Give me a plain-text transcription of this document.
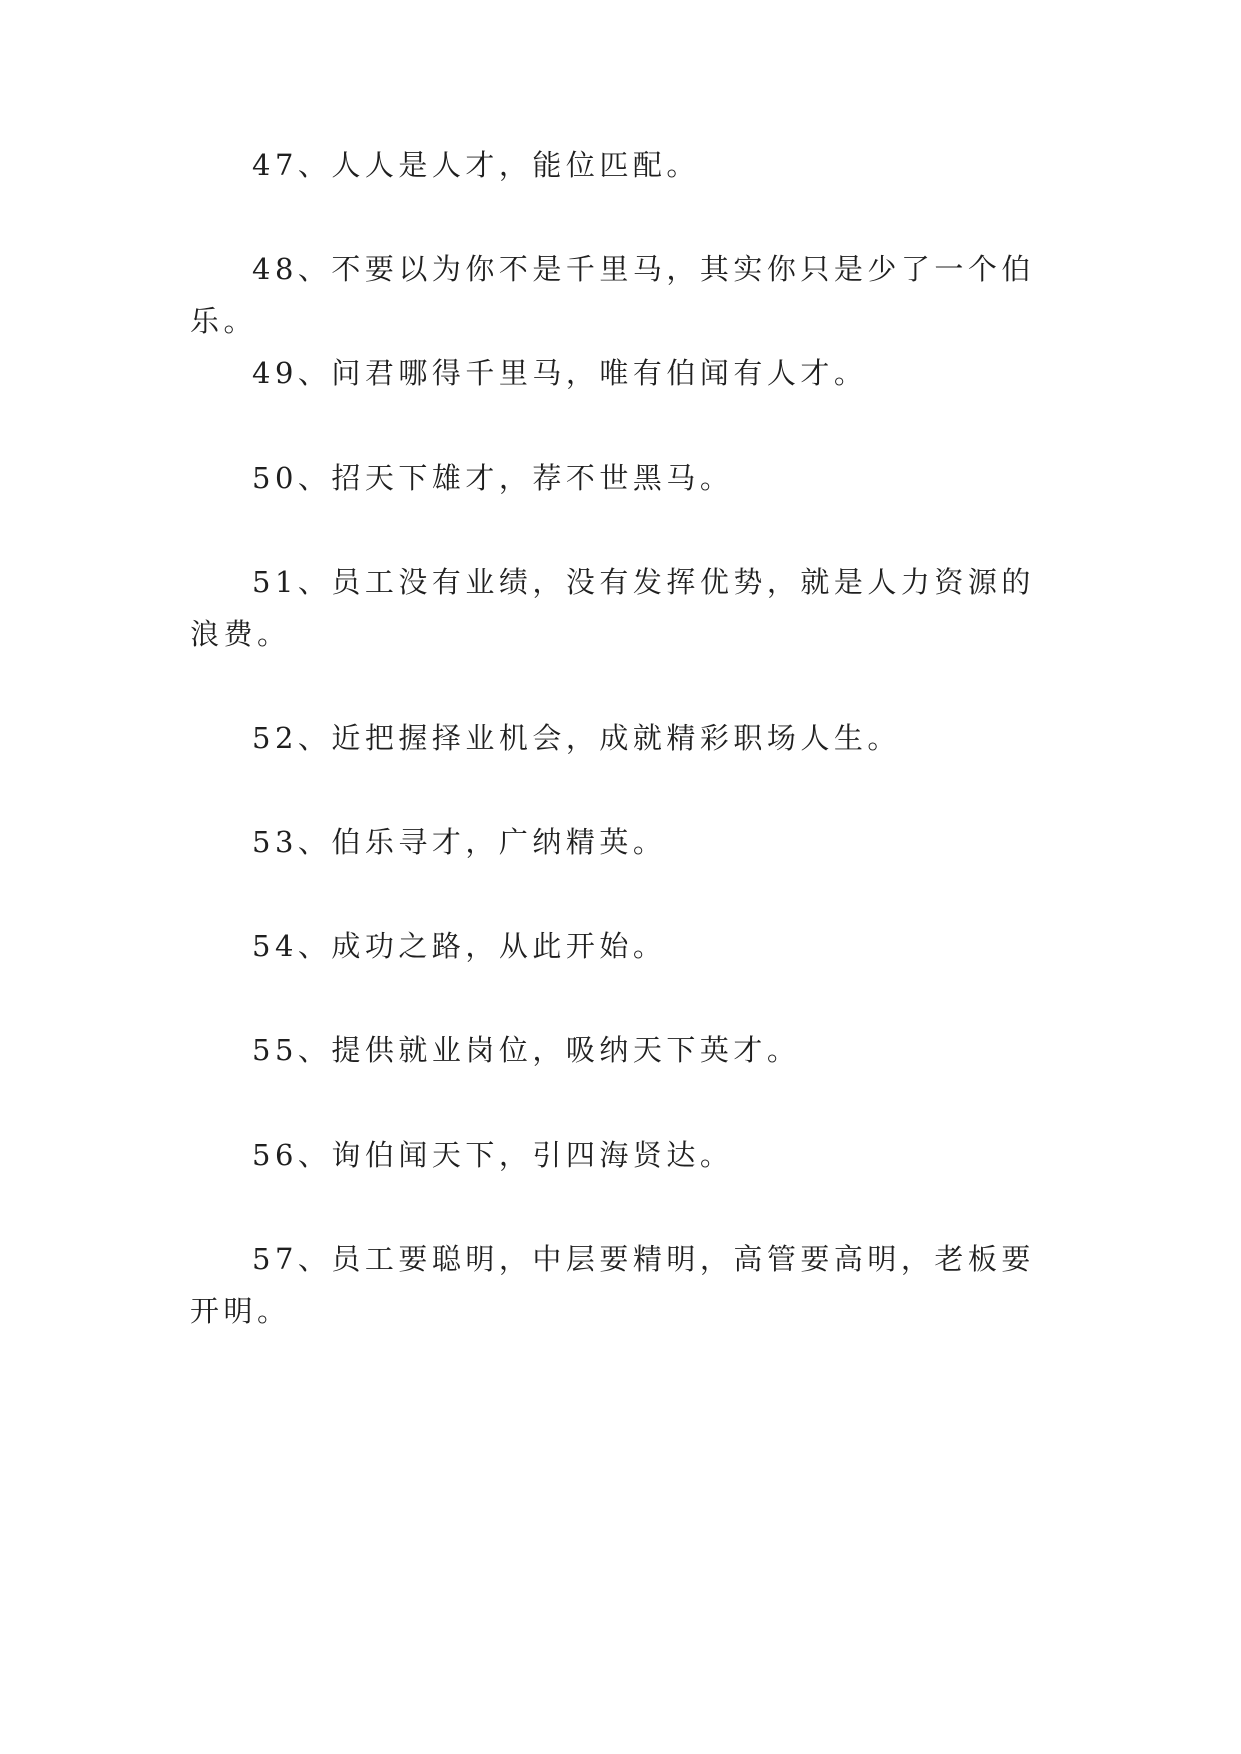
47、人人是人才，能位匹配。

48、不要以为你不是千里马，其实你只是少了一个伯乐。

49、问君哪得千里马，唯有伯闻有人才。

50、招天下雄才，荐不世黑马。

51、员工没有业绩，没有发挥优势，就是人力资源的浪费。

52、近把握择业机会，成就精彩职场人生。

53、伯乐寻才，广纳精英。

54、成功之路，从此开始。

55、提供就业岗位，吸纳天下英才。

56、询伯闻天下，引四海贤达。

57、员工要聪明，中层要精明，高管要高明，老板要开明。
